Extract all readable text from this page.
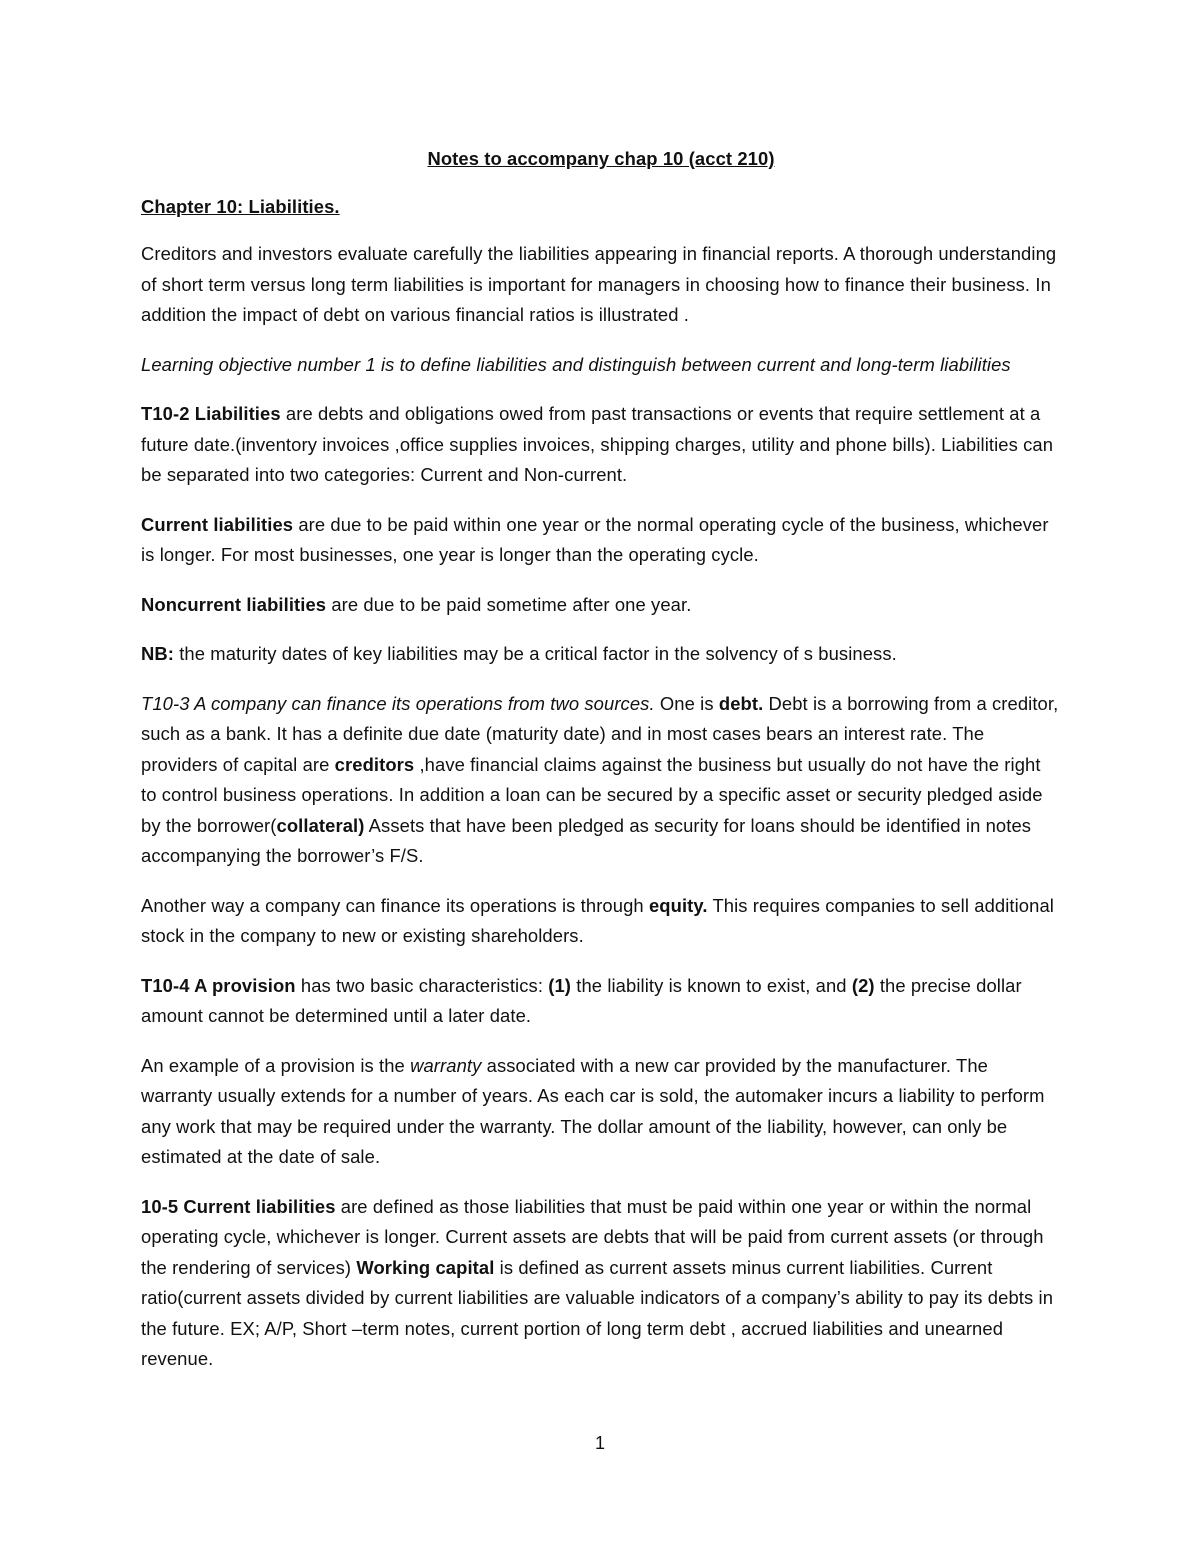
Notes to accompany chap 10 (acct 210)
Chapter 10: Liabilities.

Creditors and investors evaluate carefully the liabilities appearing in financial reports. A thorough understanding of short term versus long term liabilities is important for managers in choosing how to finance their business. In addition the impact of debt on various financial ratios is illustrated .

Learning objective number 1 is to define liabilities and distinguish between current and long-term liabilities

T10-2 Liabilities are debts and obligations owed from past transactions or events that require settlement at a future date.(inventory invoices ,office supplies invoices, shipping charges, utility and phone bills). Liabilities can be separated into two categories: Current and Non-current.

Current liabilities are due to be paid within one year or the normal operating cycle of the business, whichever is longer. For most businesses, one year is longer than the operating cycle.

Noncurrent liabilities are due to be paid sometime after one year.

NB: the maturity dates of key liabilities may be a critical factor in the solvency of s business.

T10-3 A company can finance its operations from two sources. One is debt. Debt is a borrowing from a creditor, such as a bank. It has a definite due date (maturity date) and in most cases bears an interest rate. The providers of capital are creditors ,have financial claims against the business but usually do not have the right to control business operations. In addition a loan can be secured by a specific asset or security pledged aside by the borrower(collateral) Assets that have been pledged as security for loans should be identified in notes accompanying the borrower’s F/S.

Another way a company can finance its operations is through equity. This requires companies to sell additional stock in the company to new or existing shareholders.

T10-4 A provision has two basic characteristics: (1) the liability is known to exist, and (2) the precise dollar amount cannot be determined until a later date.

An example of a provision is the warranty associated with a new car provided by the manufacturer. The warranty usually extends for a number of years. As each car is sold, the automaker incurs a liability to perform any work that may be required under the warranty. The dollar amount of the liability, however, can only be estimated at the date of sale.

10-5 Current liabilities are defined as those liabilities that must be paid within one year or within the normal operating cycle, whichever is longer. Current assets are debts that will be paid from current assets (or through the rendering of services) Working capital is defined as current assets minus current liabilities. Current ratio(current assets divided by current liabilities are valuable indicators of a company’s ability to pay its debts in the future. EX; A/P, Short –term notes, current portion of long term debt , accrued liabilities and unearned revenue.

1
